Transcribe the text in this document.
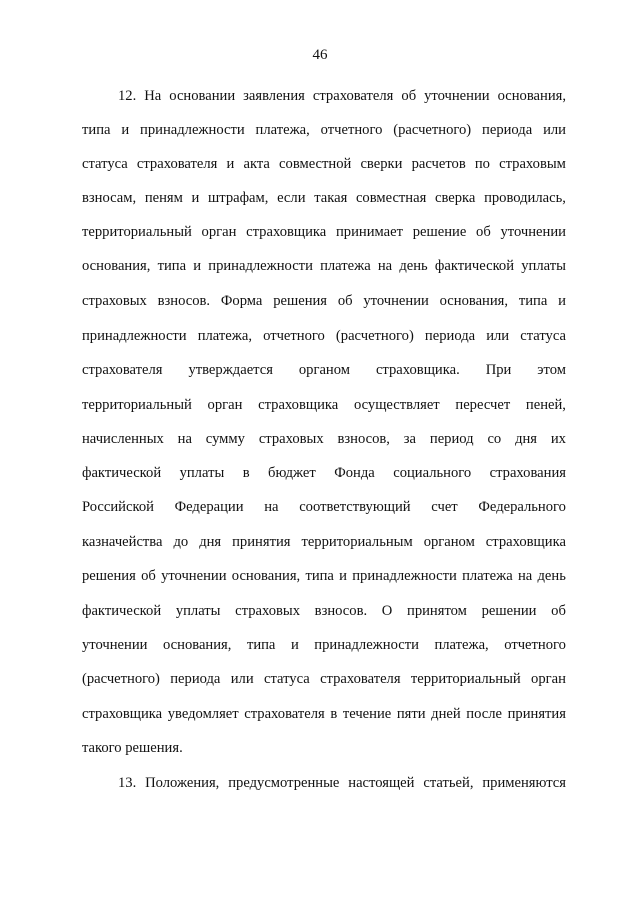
46
12. На основании заявления страхователя об уточнении основания,
типа и принадлежности платежа, отчетного (расчетного) периода или
статуса страхователя и акта совместной сверки расчетов по страховым
взносам, пеням и штрафам, если такая совместная сверка проводилась,
территориальный орган страховщика принимает решение об уточнении
основания, типа и принадлежности платежа на день фактической уплаты
страховых взносов. Форма решения об уточнении основания, типа и
принадлежности платежа, отчетного (расчетного) периода или статуса
страхователя утверждается органом страховщика. При этом
территориальный орган страховщика осуществляет пересчет пеней,
начисленных на сумму страховых взносов, за период со дня их
фактической уплаты в бюджет Фонда социального страхования
Российской Федерации на соответствующий счет Федерального
казначейства до дня принятия территориальным органом страховщика
решения об уточнении основания, типа и принадлежности платежа на день
фактической уплаты страховых взносов. О принятом решении об
уточнении основания, типа и принадлежности платежа, отчетного
(расчетного) периода или статуса страхователя территориальный орган
страховщика уведомляет страхователя в течение пяти дней после принятия
такого решения.
13. Положения, предусмотренные настоящей статьей, применяются
